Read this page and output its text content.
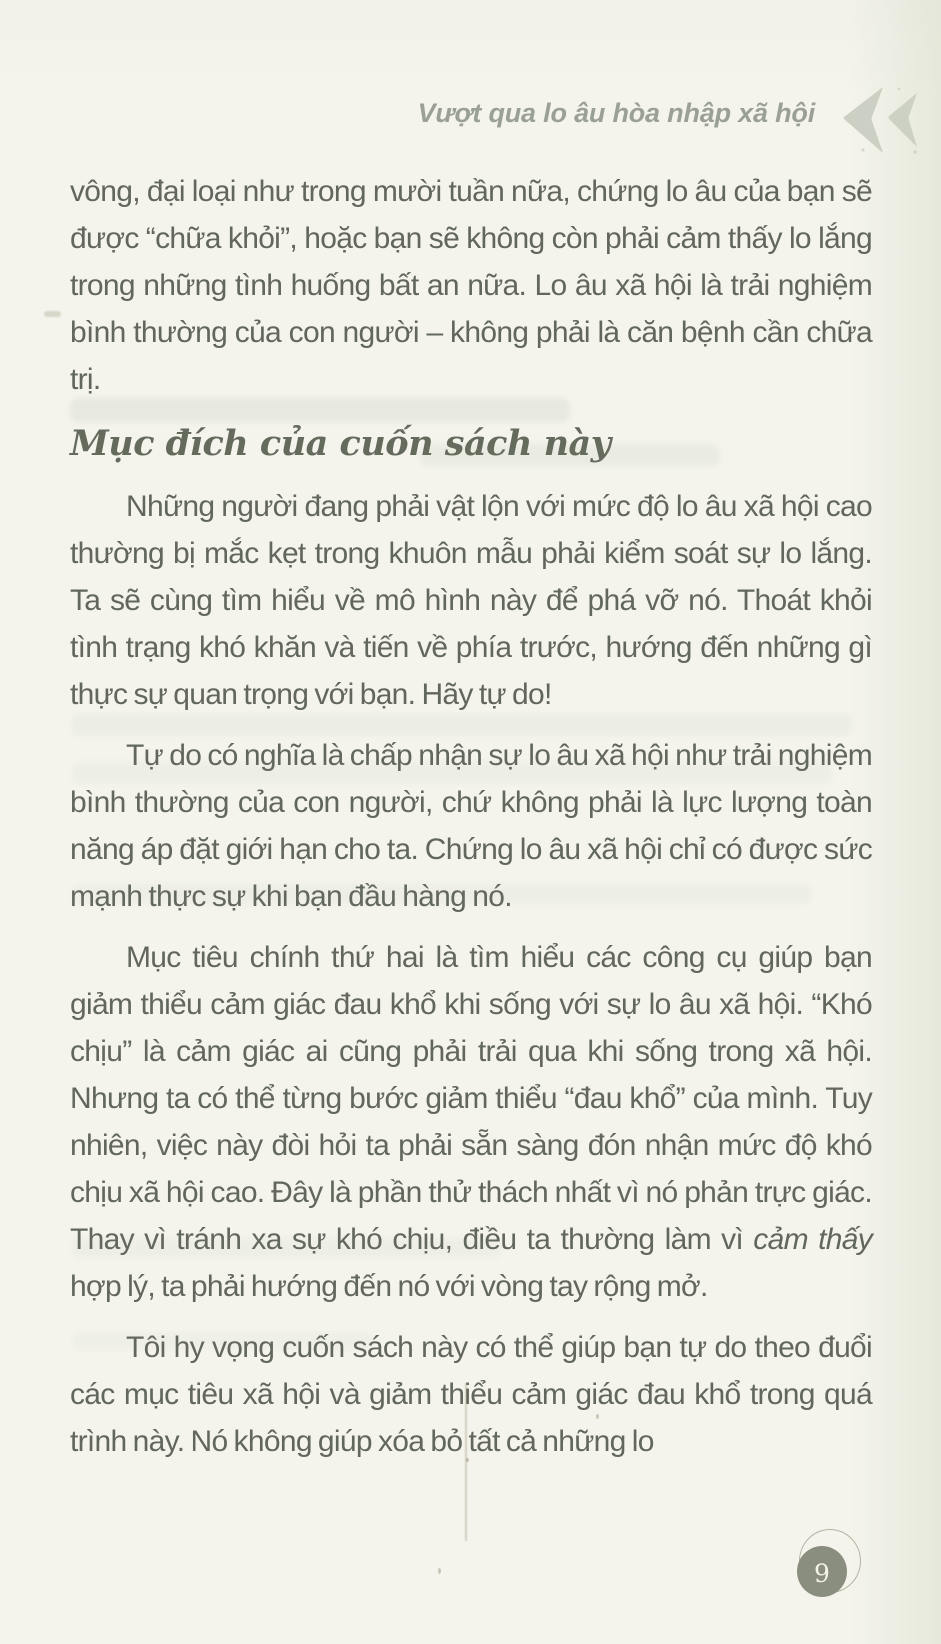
Vượt qua lo âu hòa nhập xã hội

vông, đại loại như trong mười tuần nữa, chứng lo âu của bạn sẽ được “chữa khỏi”, hoặc bạn sẽ không còn phải cảm thấy lo lắng trong những tình huống bất an nữa. Lo âu xã hội là trải nghiệm bình thường của con người – không phải là căn bệnh cần chữa trị.

Mục đích của cuốn sách này

Những người đang phải vật lộn với mức độ lo âu xã hội cao thường bị mắc kẹt trong khuôn mẫu phải kiểm soát sự lo lắng. Ta sẽ cùng tìm hiểu về mô hình này để phá vỡ nó. Thoát khỏi tình trạng khó khăn và tiến về phía trước, hướng đến những gì thực sự quan trọng với bạn. Hãy tự do!

Tự do có nghĩa là chấp nhận sự lo âu xã hội như trải nghiệm bình thường của con người, chứ không phải là lực lượng toàn năng áp đặt giới hạn cho ta. Chứng lo âu xã hội chỉ có được sức mạnh thực sự khi bạn đầu hàng nó.

Mục tiêu chính thứ hai là tìm hiểu các công cụ giúp bạn giảm thiểu cảm giác đau khổ khi sống với sự lo âu xã hội. “Khó chịu” là cảm giác ai cũng phải trải qua khi sống trong xã hội. Nhưng ta có thể từng bước giảm thiểu “đau khổ” của mình. Tuy nhiên, việc này đòi hỏi ta phải sẵn sàng đón nhận mức độ khó chịu xã hội cao. Đây là phần thử thách nhất vì nó phản trực giác. Thay vì tránh xa sự khó chịu, điều ta thường làm vì cảm thấy hợp lý, ta phải hướng đến nó với vòng tay rộng mở.

Tôi hy vọng cuốn sách này có thể giúp bạn tự do theo đuổi các mục tiêu xã hội và giảm thiểu cảm giác đau khổ trong quá trình này. Nó không giúp xóa bỏ tất cả những lo

9
